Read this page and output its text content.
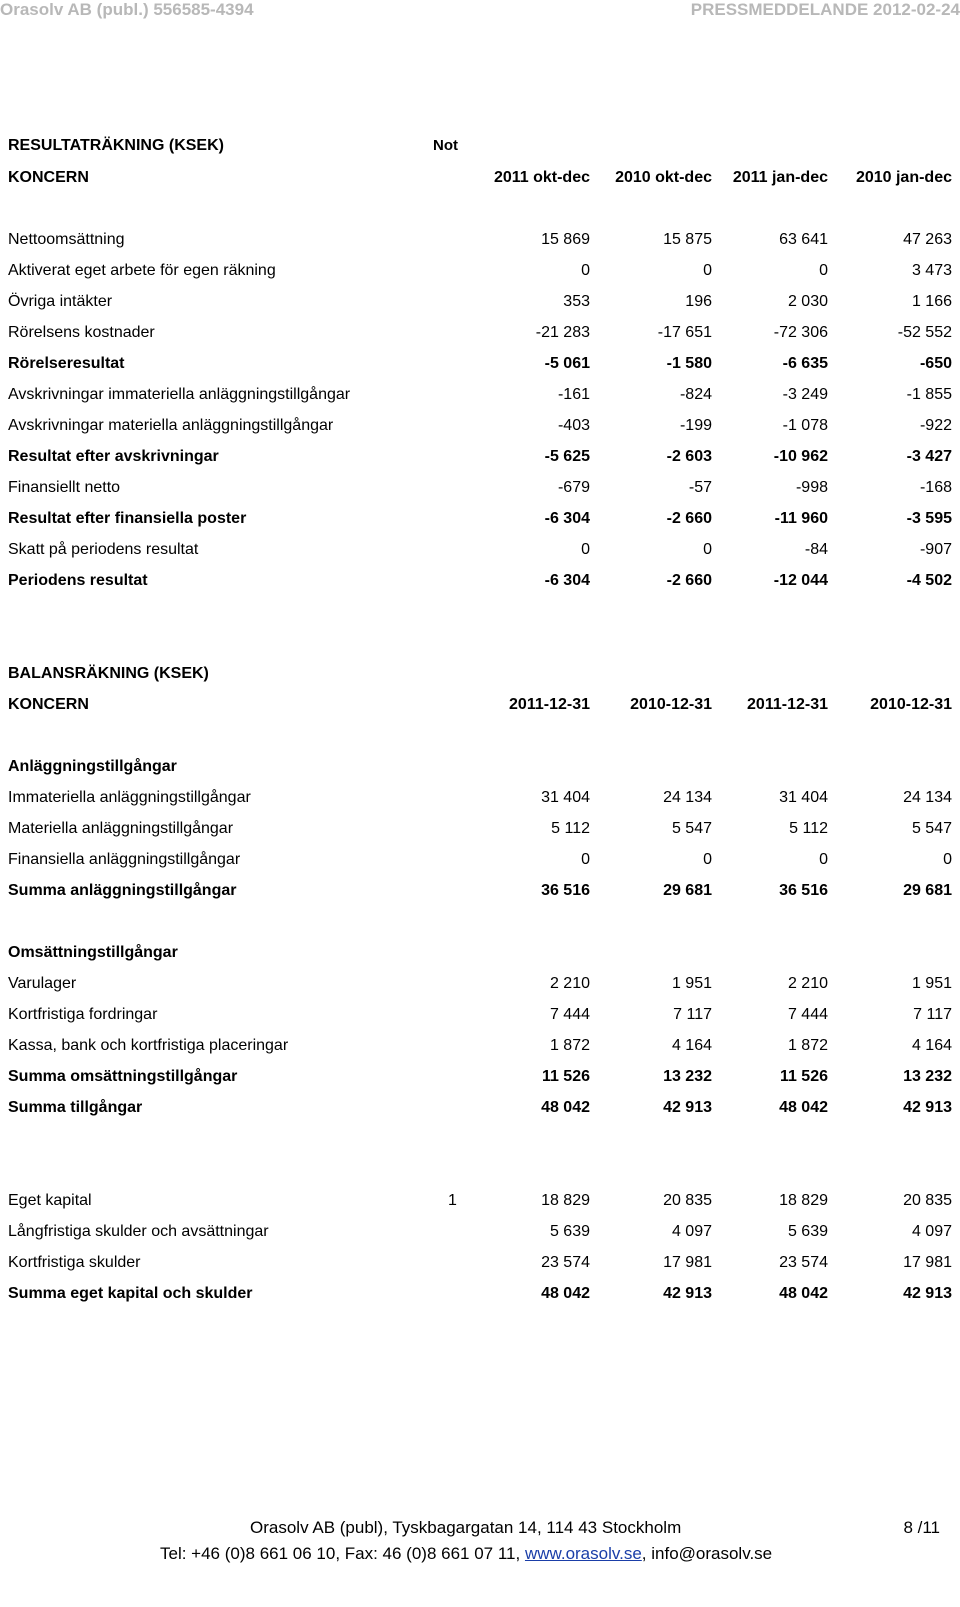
Orasolv AB (publ.) 556585-4394	PRESSMEDDELANDE 2012-02-24
RESULTATRÄKNING (KSEK)	Not
KONCERN	2011 okt-dec	2010 okt-dec	2011 jan-dec	2010 jan-dec
Nettoomsättning	15 869	15 875	63 641	47 263
Aktiverat eget arbete för egen räkning	0	0	0	3 473
Övriga intäkter	353	196	2 030	1 166
Rörelsens kostnader	-21 283	-17 651	-72 306	-52 552
Rörelseresultat	-5 061	-1 580	-6 635	-650
Avskrivningar immateriella anläggningstillgångar	-161	-824	-3 249	-1 855
Avskrivningar materiella anläggningstillgångar	-403	-199	-1 078	-922
Resultat efter avskrivningar	-5 625	-2 603	-10 962	-3 427
Finansiellt netto	-679	-57	-998	-168
Resultat efter finansiella poster	-6 304	-2 660	-11 960	-3 595
Skatt på periodens resultat	0	0	-84	-907
Periodens resultat	-6 304	-2 660	-12 044	-4 502
BALANSRÄKNING (KSEK)
KONCERN	2011-12-31	2010-12-31	2011-12-31	2010-12-31
Anläggningstillgångar
Immateriella anläggningstillgångar	31 404	24 134	31 404	24 134
Materiella anläggningstillgångar	5 112	5 547	5 112	5 547
Finansiella anläggningstillgångar	0	0	0	0
Summa anläggningstillgångar	36 516	29 681	36 516	29 681
Omsättningstillgångar
Varulager	2 210	1 951	2 210	1 951
Kortfristiga fordringar	7 444	7 117	7 444	7 117
Kassa, bank och kortfristiga placeringar	1 872	4 164	1 872	4 164
Summa omsättningstillgångar	11 526	13 232	11 526	13 232
Summa tillgångar	48 042	42 913	48 042	42 913
Eget kapital	1	18 829	20 835	18 829	20 835
Långfristiga skulder och avsättningar	5 639	4 097	5 639	4 097
Kortfristiga skulder	23 574	17 981	23 574	17 981
Summa eget kapital och skulder	48 042	42 913	48 042	42 913
Orasolv AB (publ), Tyskbagargatan 14, 114 43 Stockholm	8 /11
Tel: +46 (0)8 661 06 10, Fax: 46 (0)8 661 07 11, www.orasolv.se, info@orasolv.se
